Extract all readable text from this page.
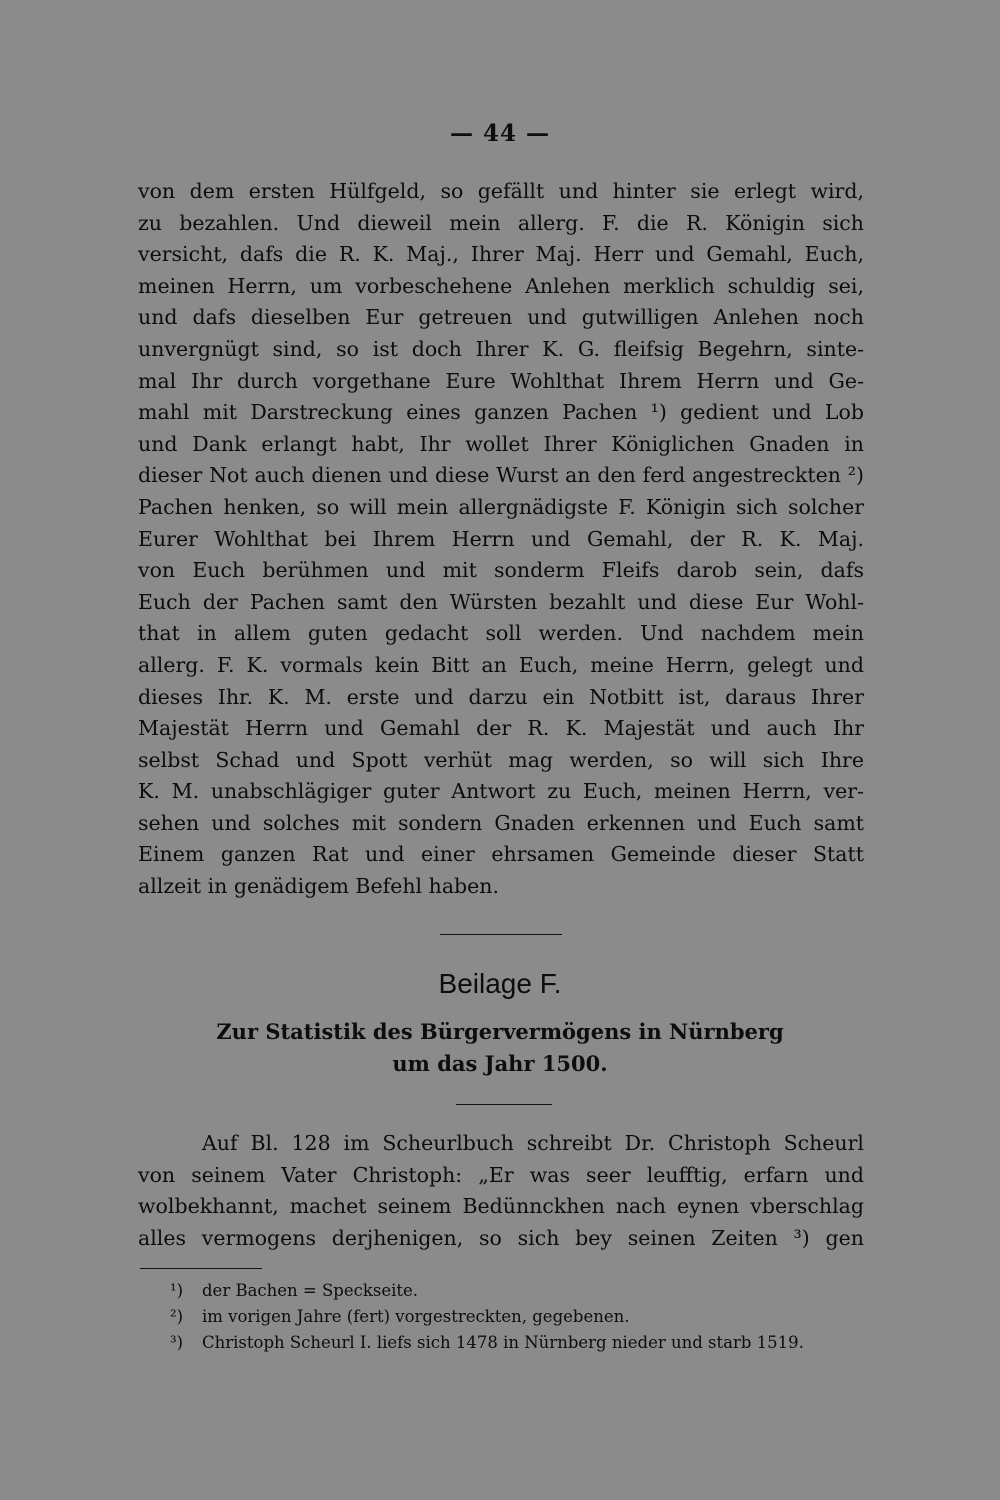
— 44 —
von dem ersten Hülfgeld, so gefällt und hinter sie erlegt wird,
zu bezahlen. Und dieweil mein allerg. F. die R. Königin sich
versicht, dafs die R. K. Maj., Ihrer Maj. Herr und Gemahl, Euch,
meinen Herrn, um vorbeschehene Anlehen merklich schuldig sei,
und dafs dieselben Eur getreuen und gutwilligen Anlehen noch
unvergnügt sind, so ist doch Ihrer K. G. fleifsig Begehrn, sinte-
mal Ihr durch vorgethane Eure Wohlthat Ihrem Herrn und Ge-
mahl mit Darstreckung eines ganzen Pachen ¹) gedient und Lob
und Dank erlangt habt, Ihr wollet Ihrer Königlichen Gnaden in
dieser Not auch dienen und diese Wurst an den ferd angestreckten ²)
Pachen henken, so will mein allergnädigste F. Königin sich solcher
Eurer Wohlthat bei Ihrem Herrn und Gemahl, der R. K. Maj.
von Euch berühmen und mit sonderm Fleifs darob sein, dafs
Euch der Pachen samt den Würsten bezahlt und diese Eur Wohl-
that in allem guten gedacht soll werden. Und nachdem mein
allerg. F. K. vormals kein Bitt an Euch, meine Herrn, gelegt und
dieses Ihr. K. M. erste und darzu ein Notbitt ist, daraus Ihrer
Majestät Herrn und Gemahl der R. K. Majestät und auch Ihr
selbst Schad und Spott verhüt mag werden, so will sich Ihre
K. M. unabschlägiger guter Antwort zu Euch, meinen Herrn, ver-
sehen und solches mit sondern Gnaden erkennen und Euch samt
Einem ganzen Rat und einer ehrsamen Gemeinde dieser Statt
allzeit in genädigem Befehl haben.
Beilage F.
Zur Statistik des Bürgervermögens in Nürnberg
um das Jahr 1500.
Auf Bl. 128 im Scheurlbuch schreibt Dr. Christoph Scheurl
von seinem Vater Christoph: „Er was seer leufftig, erfarn und
wolbekhannt, machet seinem Bedünnckhen nach eynen vberschlag
alles vermogens derjhenigen, so sich bey seinen Zeiten ³) gen
¹) der Bachen = Speckseite.
²) im vorigen Jahre (fert) vorgestreckten, gegebenen.
³) Christoph Scheurl I. liefs sich 1478 in Nürnberg nieder und starb 1519.
